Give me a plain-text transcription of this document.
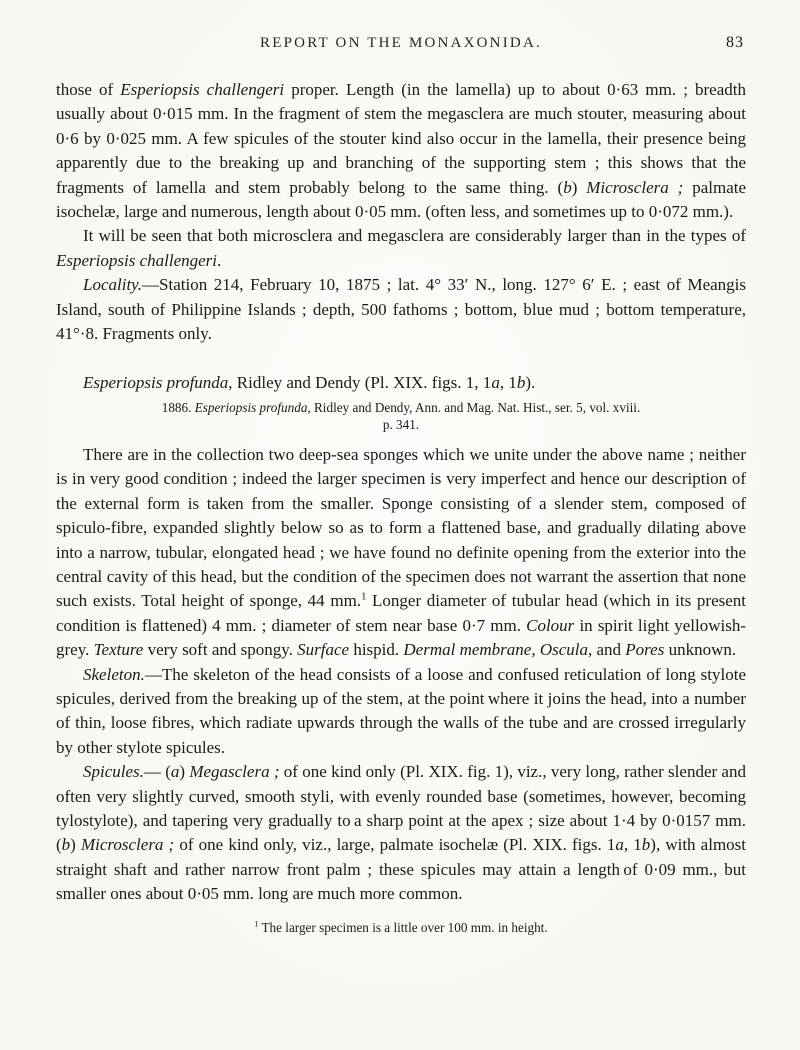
REPORT ON THE MONAXONIDA.	83

those of Esperiopsis challengeri proper. Length (in the lamella) up to about 0·63 mm. ; breadth usually about 0·015 mm. In the fragment of stem the megasclera are much stouter, measuring about 0·6 by 0·025 mm. A few spicules of the stouter kind also occur in the lamella, their presence being apparently due to the breaking up and branching of the supporting stem ; this shows that the fragments of lamella and stem probably belong to the same thing. (b) Microsclera ; palmate isochelæ, large and numerous, length about 0·05 mm. (often less, and sometimes up to 0·072 mm.).

It will be seen that both microsclera and megasclera are considerably larger than in the types of Esperiopsis challengeri.

Locality.—Station 214, February 10, 1875 ; lat. 4° 33′ N., long. 127° 6′ E. ; east of Meangis Island, south of Philippine Islands ; depth, 500 fathoms ; bottom, blue mud ; bottom temperature, 41°·8. Fragments only.

Esperiopsis profunda, Ridley and Dendy (Pl. XIX. figs. 1, 1a, 1b).

1886. Esperiopsis profunda, Ridley and Dendy, Ann. and Mag. Nat. Hist., ser. 5, vol. xviii.

p. 341.

There are in the collection two deep-sea sponges which we unite under the above name ; neither is in very good condition ; indeed the larger specimen is very imperfect and hence our description of the external form is taken from the smaller. Sponge consisting of a slender stem, composed of spiculo-fibre, expanded slightly below so as to form a flattened base, and gradually dilating above into a narrow, tubular, elongated head ; we have found no definite opening from the exterior into the central cavity of this head, but the condition of the specimen does not warrant the assertion that none such exists. Total height of sponge, 44 mm.$^1$ Longer diameter of tubular head (which in its present condition is flattened) 4 mm. ; diameter of stem near base 0·7 mm. Colour in spirit light yellowish-grey. Texture very soft and spongy. Surface hispid. Dermal membrane, Oscula, and Pores unknown.

Skeleton.—The skeleton of the head consists of a loose and confused reticulation of long stylote spicules, derived from the breaking up of the stem, at the point where it joins the head, into a number of thin, loose fibres, which radiate upwards through the walls of the tube and are crossed irregularly by other stylote spicules.

Spicules.— (a) Megasclera ; of one kind only (Pl. XIX. fig. 1), viz., very long, rather slender and often very slightly curved, smooth styli, with evenly rounded base (sometimes, however, becoming tylostylote), and tapering very gradually to a sharp point at the apex ; size about 1·4 by 0·0157 mm. (b) Microsclera ; of one kind only, viz., large, palmate isochelæ (Pl. XIX. figs. 1a, 1b), with almost straight shaft and rather narrow front palm ; these spicules may attain a length of 0·09 mm., but smaller ones about 0·05 mm. long are much more common.

$^1$ The larger specimen is a little over 100 mm. in height.
